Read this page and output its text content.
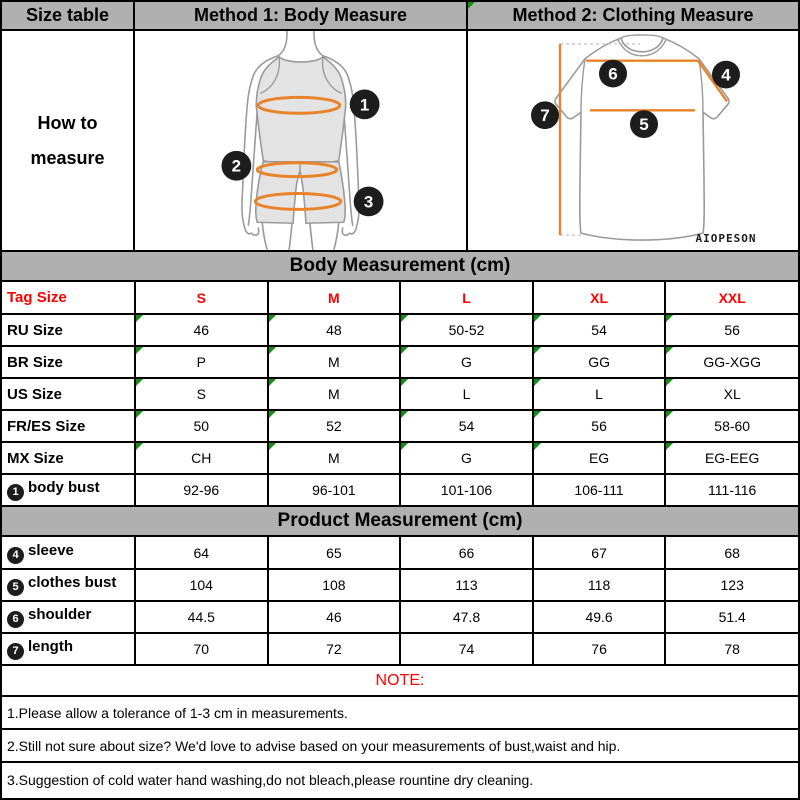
Size table	Method 1: Body Measure	Method 2: Clothing Measure
How to measure
1
2
3
6	4
7	5
AIOPESON
Body Measurement (cm)
Tag Size	S	M	L	XL	XXL
RU Size	46	48	50-52	54	56
BR Size	P	M	G	GG	GG-XGG
US Size	S	M	L	L	XL
FR/ES Size	50	52	54	56	58-60
MX Size	CH	M	G	EG	EG-EEG
1 body bust	92-96	96-101	101-106	106-111	111-116
Product Measurement (cm)
4 sleeve	64	65	66	67	68
5 clothes bust	104	108	113	118	123
6 shoulder	44.5	46	47.8	49.6	51.4
7 length	70	72	74	76	78
NOTE:
1.Please allow a tolerance of 1-3 cm in measurements.
2.Still not sure about size? We'd love to advise based on your measurements of bust,waist and hip.
3.Suggestion of cold water hand washing,do not bleach,please rountine dry cleaning.
